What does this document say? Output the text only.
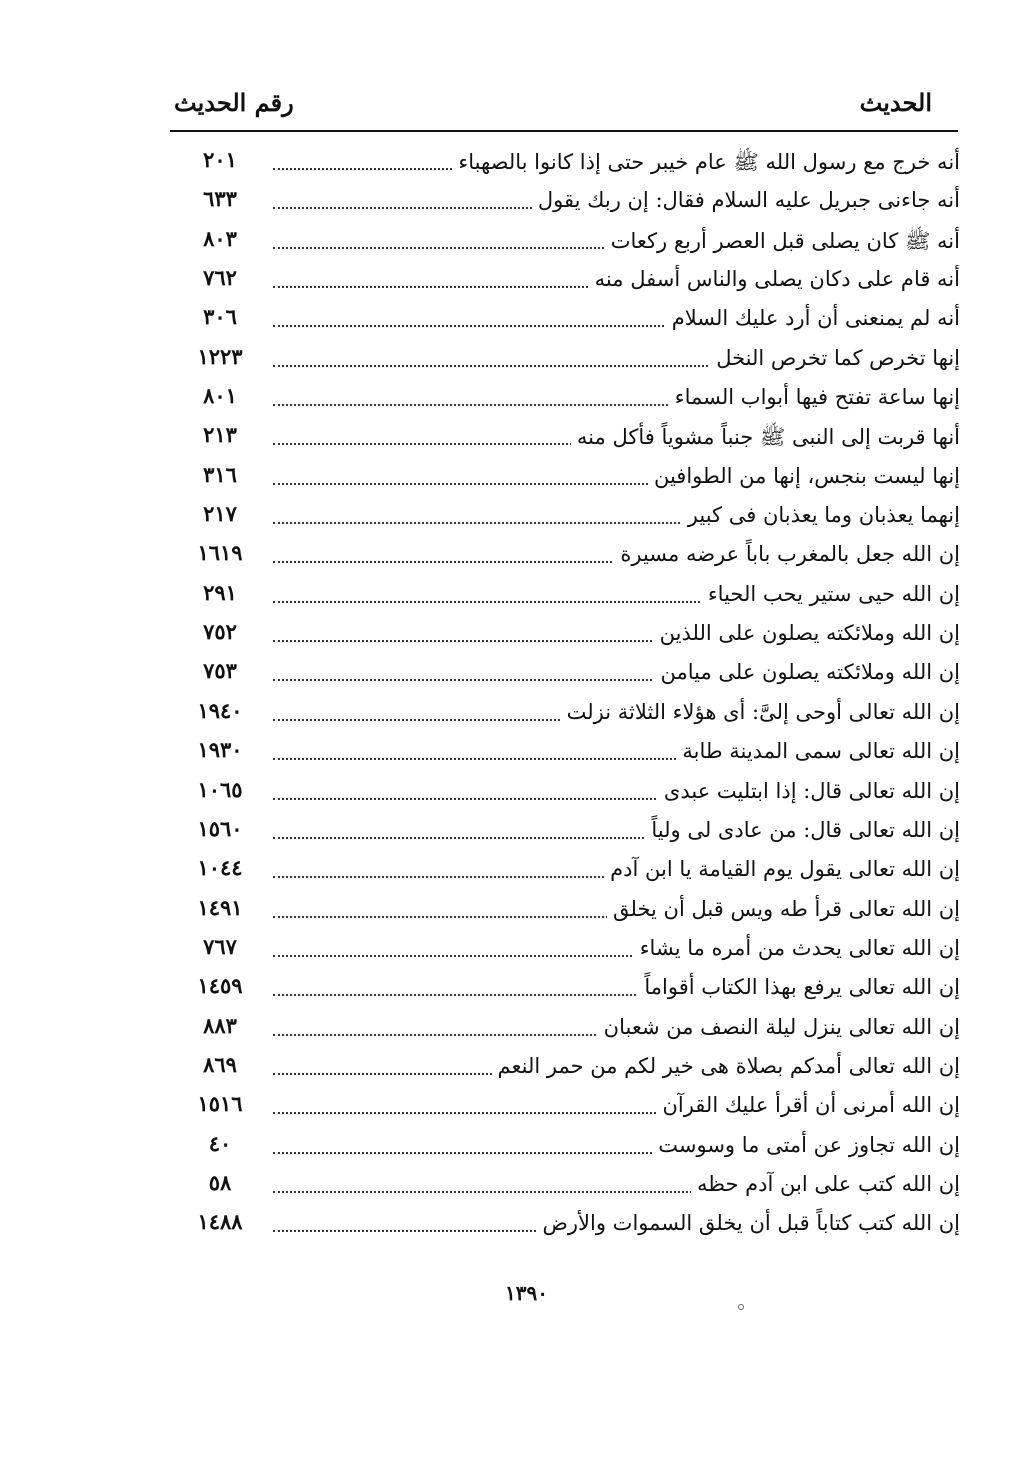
الحديث
رقم الحديث
أنه خرج مع رسول الله ﷺ عام خيبر حتى إذا كانوا بالصهباء
٢٠١
أنه جاءنى جبريل عليه السلام فقال: إن ربك يقول
٦٣٣
أنه ﷺ كان يصلى قبل العصر أربع ركعات
٨٠٣
أنه قام على دكان يصلى والناس أسفل منه
٧٦٢
أنه لم يمنعنى أن أرد عليك السلام
٣٠٦
إنها تخرص كما تخرص النخل
١٢٢٣
إنها ساعة تفتح فيها أبواب السماء
٨٠١
أنها قربت إلى النبى ﷺ جنباً مشوياً فأكل منه
٢١٣
إنها ليست بنجس، إنها من الطوافين
٣١٦
إنهما يعذبان وما يعذبان فى كبير
٢١٧
إن الله جعل بالمغرب باباً عرضه مسيرة
١٦١٩
إن الله حيى ستير يحب الحياء
٢٩١
إن الله وملائكته يصلون على اللذين
٧٥٢
إن الله وملائكته يصلون على ميامن
٧٥٣
إن الله تعالى أوحى إلىَّ: أى هؤلاء الثلاثة نزلت
١٩٤٠
إن الله تعالى سمى المدينة طابة
١٩٣٠
إن الله تعالى قال: إذا ابتليت عبدى
١٠٦٥
إن الله تعالى قال: من عادى لى ولياً
١٥٦٠
إن الله تعالى يقول يوم القيامة يا ابن آدم
١٠٤٤
إن الله تعالى قرأ طه ويس قبل أن يخلق
١٤٩١
إن الله تعالى يحدث من أمره ما يشاء
٧٦٧
إن الله تعالى يرفع بهذا الكتاب أقواماً
١٤٥٩
إن الله تعالى ينزل ليلة النصف من شعبان
٨٨٣
إن الله تعالى أمدكم بصلاة هى خير لكم من حمر النعم
٨٦٩
إن الله أمرنى أن أقرأ عليك القرآن
١٥١٦
إن الله تجاوز عن أمتى ما وسوست
٤٠
إن الله كتب على ابن آدم حظه
٥٨
إن الله كتب كتاباً قبل أن يخلق السموات والأرض
١٤٨٨
١٣٩٠
